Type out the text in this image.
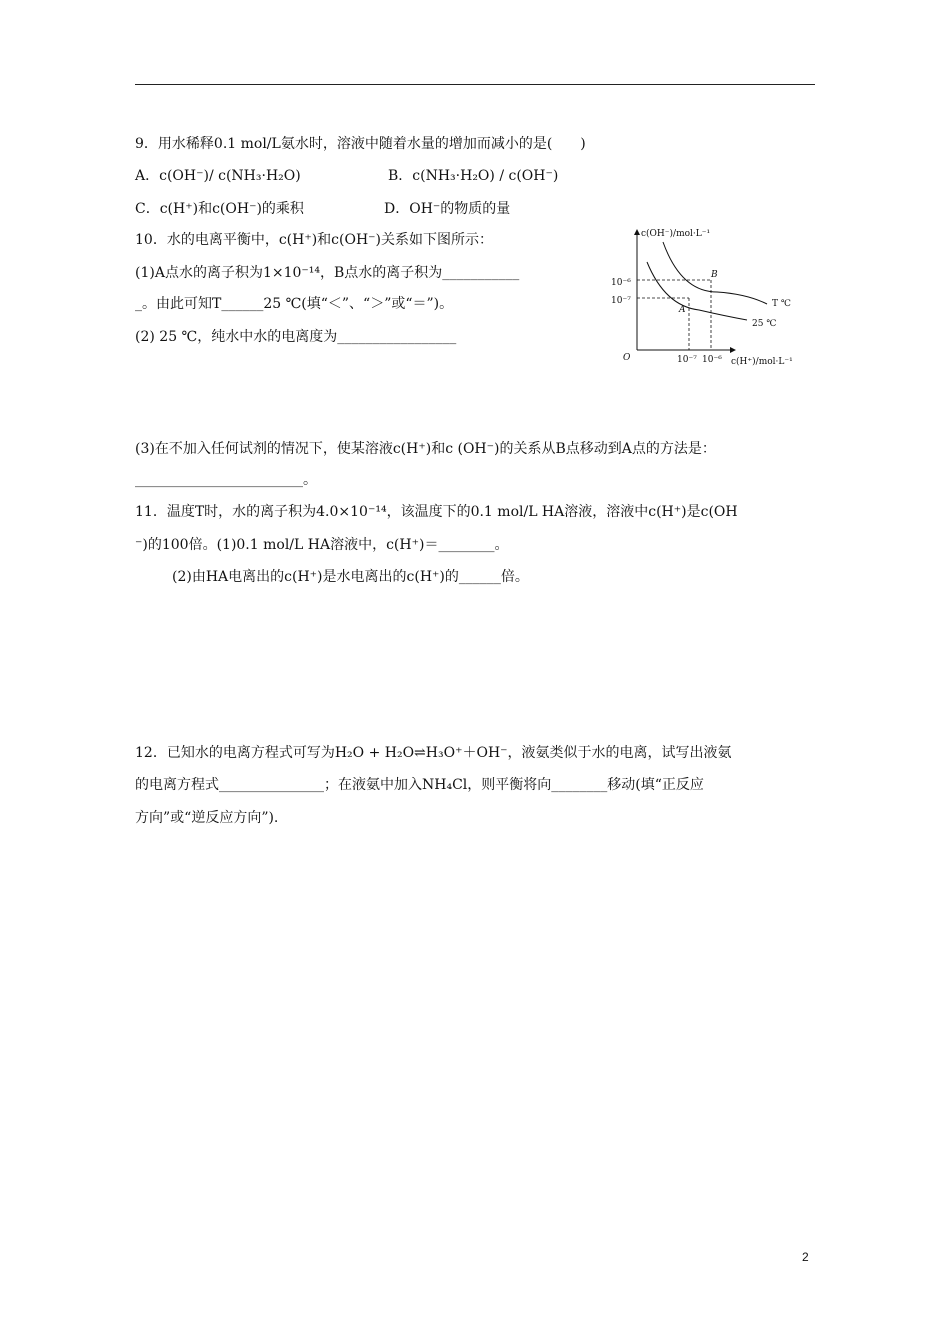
9．用水稀释0.1 mol/L氨水时，溶液中随着水量的增加而减小的是(　　)
A．c(OH⁻)/ c(NH₃·H₂O)	B．c(NH₃·H₂O) / c(OH⁻)
C．c(H⁺)和c(OH⁻)的乘积	D．OH⁻的物质的量
10．水的电离平衡中，c(H⁺)和c(OH⁻)关系如下图所示：
(1)A点水的离子积为1×10⁻¹⁴，B点水的离子积为___________
_。由此可知T______25 ℃(填“＜”、“＞”或“＝”)。
(2) 25 ℃，纯水中水的电离度为_________________
c(OH⁻)/mol·L⁻¹
c(H⁺)/mol·L⁻¹
O
10⁻⁶
10⁻⁷
10⁻⁷ 10⁻⁶
B
A
T ℃
25 ℃
(3)在不加入任何试剂的情况下，使某溶液c(H⁺)和c (OH⁻)的关系从B点移动到A点的方法是：
________________________。
11．温度T时，水的离子积为4.0×10⁻¹⁴，该温度下的0.1 mol/L HA溶液，溶液中c(H⁺)是c(OH
⁻)的100倍。(1)0.1 mol/L HA溶液中，c(H⁺)＝________。
(2)由HA电离出的c(H⁺)是水电离出的c(H⁺)的______倍。
12．已知水的电离方程式可写为H₂O + H₂O⇌H₃O⁺＋OH⁻，液氨类似于水的电离，试写出液氨
的电离方程式_______________；在液氨中加入NH₄Cl，则平衡将向________移动(填“正反应
方向”或“逆反应方向”).
2
